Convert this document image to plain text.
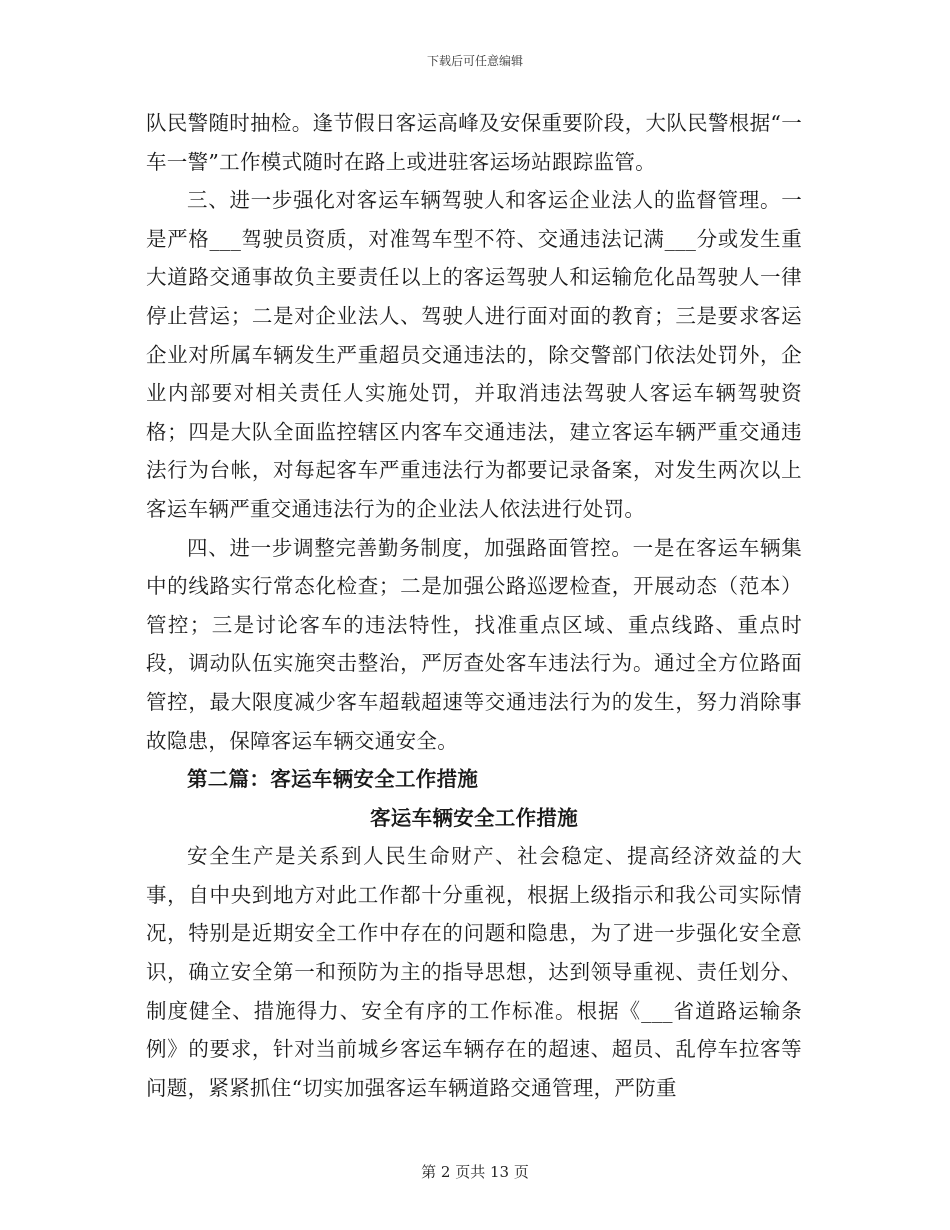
下载后可任意编辑

队民警随时抽检。逢节假日客运高峰及安保重要阶段，大队民警根据“一车一警”工作模式随时在路上或进驻客运场站跟踪监管。

三、进一步强化对客运车辆驾驶人和客运企业法人的监督管理。一是严格___驾驶员资质，对准驾车型不符、交通违法记满___分或发生重大道路交通事故负主要责任以上的客运驾驶人和运输危化品驾驶人一律停止营运；二是对企业法人、驾驶人进行面对面的教育；三是要求客运企业对所属车辆发生严重超员交通违法的，除交警部门依法处罚外，企业内部要对相关责任人实施处罚，并取消违法驾驶人客运车辆驾驶资格；四是大队全面监控辖区内客车交通违法，建立客运车辆严重交通违法行为台帐，对每起客车严重违法行为都要记录备案，对发生两次以上客运车辆严重交通违法行为的企业法人依法进行处罚。

四、进一步调整完善勤务制度，加强路面管控。一是在客运车辆集中的线路实行常态化检查；二是加强公路巡逻检查，开展动态（范本）管控；三是讨论客车的违法特性，找准重点区域、重点线路、重点时段，调动队伍实施突击整治，严厉查处客车违法行为。通过全方位路面管控，最大限度减少客车超载超速等交通违法行为的发生，努力消除事故隐患，保障客运车辆交通安全。

第二篇：客运车辆安全工作措施

客运车辆安全工作措施

安全生产是关系到人民生命财产、社会稳定、提高经济效益的大事，自中央到地方对此工作都十分重视，根据上级指示和我公司实际情况，特别是近期安全工作中存在的问题和隐患，为了进一步强化安全意识，确立安全第一和预防为主的指导思想，达到领导重视、责任划分、制度健全、措施得力、安全有序的工作标准。根据《___省道路运输条例》的要求，针对当前城乡客运车辆存在的超速、超员、乱停车拉客等问题，紧紧抓住“切实加强客运车辆道路交通管理，严防重

第 2 页共 13 页
